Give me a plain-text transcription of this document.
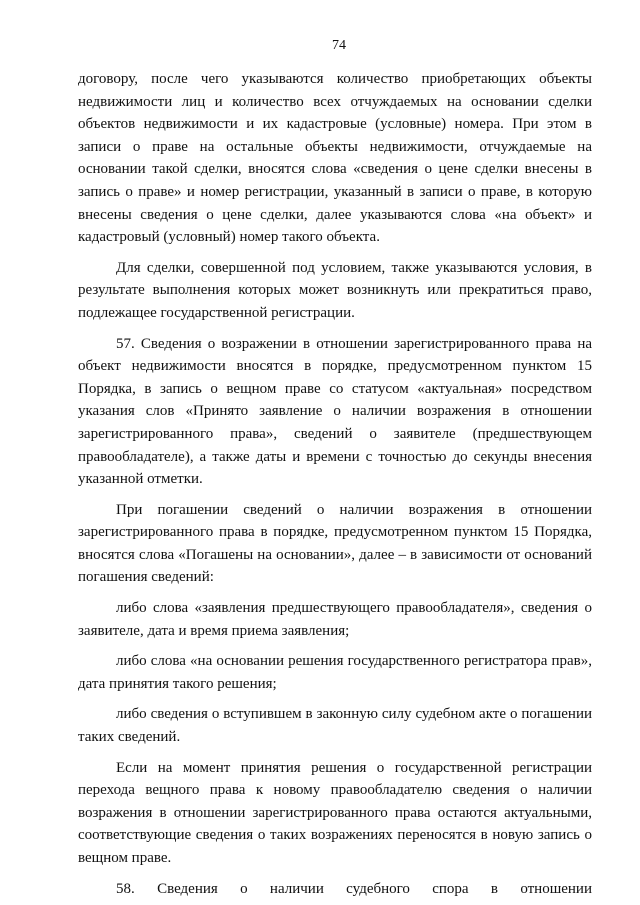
74

договору, после чего указываются количество приобретающих объекты недвижимости лиц и количество всех отчуждаемых на основании сделки объектов недвижимости и их кадастровые (условные) номера. При этом в записи о праве на остальные объекты недвижимости, отчуждаемые на основании такой сделки, вносятся слова «сведения о цене сделки внесены в запись о праве» и номер регистрации, указанный в записи о праве, в которую внесены сведения о цене сделки, далее указываются слова «на объект» и кадастровый (условный) номер такого объекта.

Для сделки, совершенной под условием, также указываются условия, в результате выполнения которых может возникнуть или прекратиться право, подлежащее государственной регистрации.

57. Сведения о возражении в отношении зарегистрированного права на объект недвижимости вносятся в порядке, предусмотренном пунктом 15 Порядка, в запись о вещном праве со статусом «актуальная» посредством указания слов «Принято заявление о наличии возражения в отношении зарегистрированного права», сведений о заявителе (предшествующем правообладателе), а также даты и времени с точностью до секунды внесения указанной отметки.

При погашении сведений о наличии возражения в отношении зарегистрированного права в порядке, предусмотренном пунктом 15 Порядка, вносятся слова «Погашены на основании», далее – в зависимости от оснований погашения сведений:

либо слова «заявления предшествующего правообладателя», сведения о заявителе, дата и время приема заявления;

либо слова «на основании решения государственного регистратора прав», дата принятия такого решения;

либо сведения о вступившем в законную силу судебном акте о погашении таких сведений.

Если на момент принятия решения о государственной регистрации перехода вещного права к новому правообладателю сведения о наличии возражения в отношении зарегистрированного права остаются актуальными, соответствующие сведения о таких возражениях переносятся в новую запись о вещном праве.

58. Сведения о наличии судебного спора в отношении
